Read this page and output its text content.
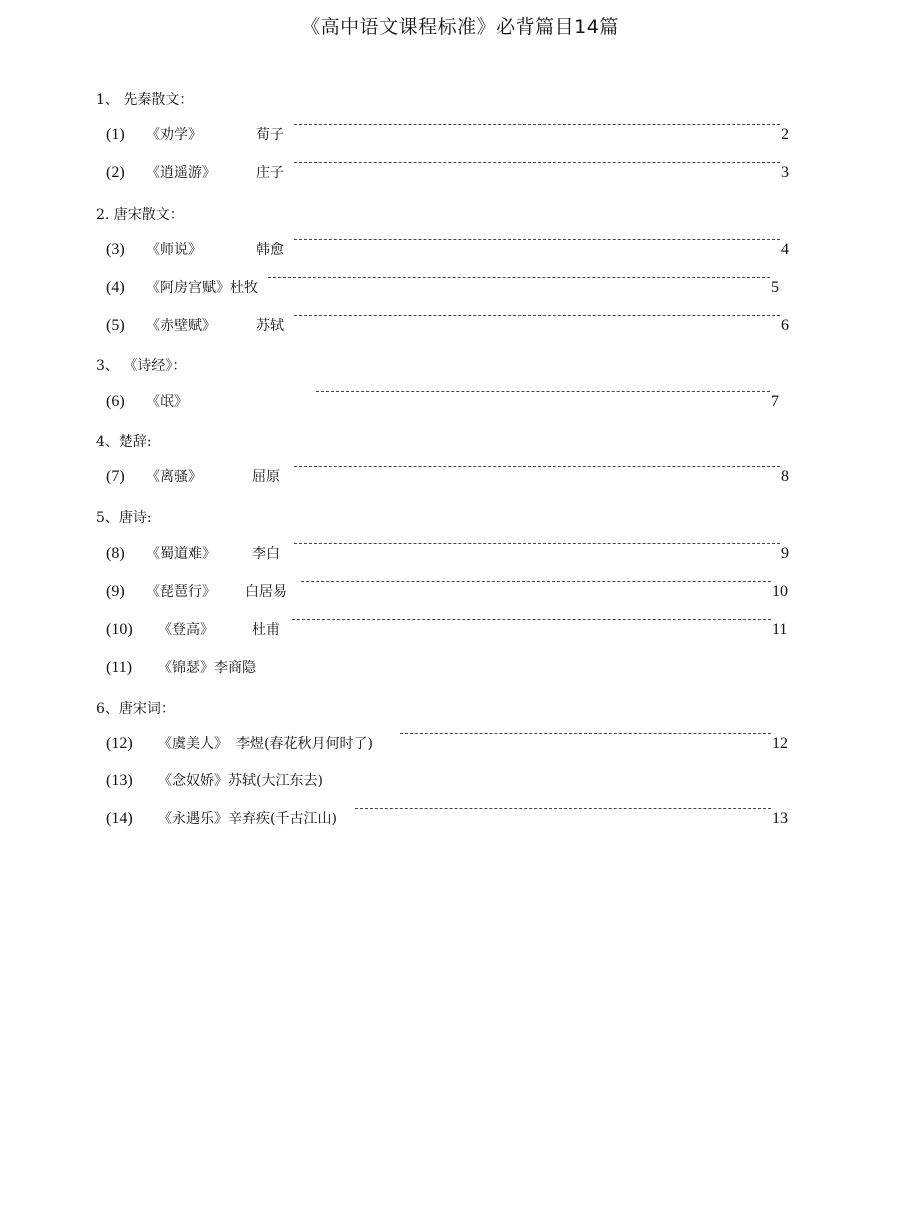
《高中语文课程标准》必背篇目14篇
1、 先秦散文：
2. 唐宋散文：
3、 《诗经》：
4、楚辞:
5、唐诗:
6、唐宋词：
(1) 《劝学》	荀子	2
(2) 《逍遥游》	庄子	3
(3) 《师说》	韩愈	4
(4) 《阿房宫赋》杜牧	5
(5) 《赤壁赋》	苏轼	6
(6) 《氓》	7
(7) 《离骚》	屈原	8
(8) 《蜀道难》	李白	9
(9) 《琵琶行》 白居易	10
(10) 《登高》	杜甫	11
(11) 《锦瑟》李商隐
(12) 《虞美人》 李煜(春花秋月何时了)	12
(13) 《念奴娇》苏轼(大江东去)
(14) 《永遇乐》辛弃疾(千古江山)	13
